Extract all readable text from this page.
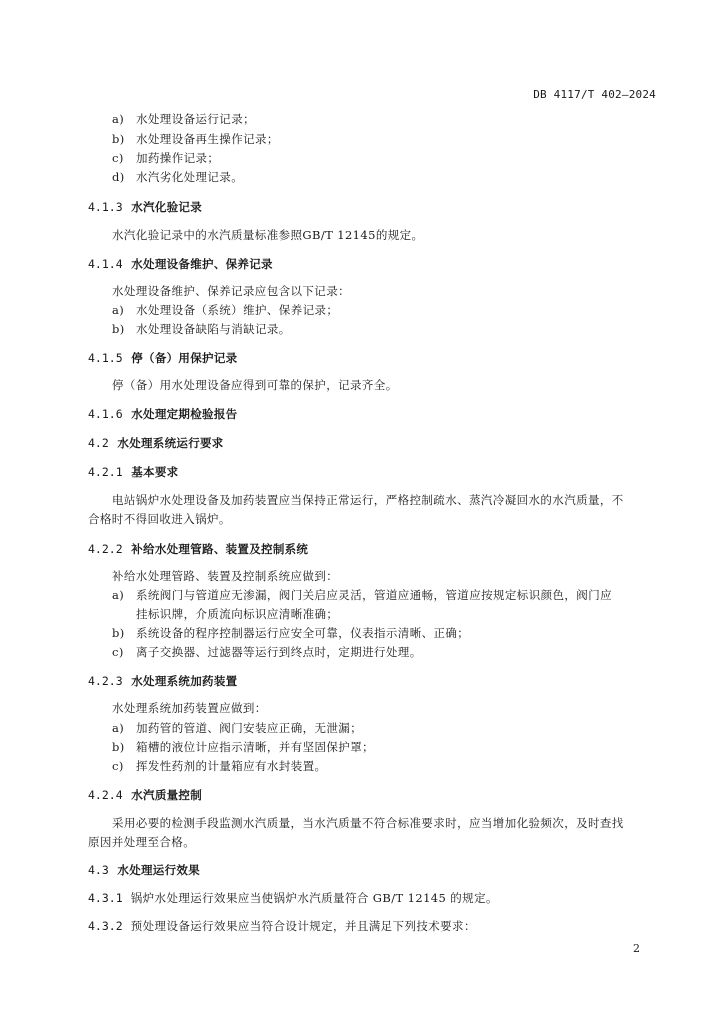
DB 4117/T 402—2024
a) 水处理设备运行记录；
b) 水处理设备再生操作记录；
c) 加药操作记录；
d) 水汽劣化处理记录。
4.1.3 水汽化验记录
水汽化验记录中的水汽质量标准参照GB/T 12145的规定。
4.1.4 水处理设备维护、保养记录
水处理设备维护、保养记录应包含以下记录：
a) 水处理设备（系统）维护、保养记录；
b) 水处理设备缺陷与消缺记录。
4.1.5 停（备）用保护记录
停（备）用水处理设备应得到可靠的保护，记录齐全。
4.1.6 水处理定期检验报告
4.2 水处理系统运行要求
4.2.1 基本要求
电站锅炉水处理设备及加药装置应当保持正常运行，严格控制疏水、蒸汽冷凝回水的水汽质量，不
合格时不得回收进入锅炉。
4.2.2 补给水处理管路、装置及控制系统
补给水处理管路、装置及控制系统应做到：
a) 系统阀门与管道应无渗漏，阀门关启应灵活，管道应通畅，管道应按规定标识颜色，阀门应
挂标识牌，介质流向标识应清晰准确；
b) 系统设备的程序控制器运行应安全可靠，仪表指示清晰、正确；
c) 离子交换器、过滤器等运行到终点时，定期进行处理。
4.2.3 水处理系统加药装置
水处理系统加药装置应做到：
a) 加药管的管道、阀门安装应正确，无泄漏；
b) 箱槽的液位计应指示清晰，并有坚固保护罩；
c) 挥发性药剂的计量箱应有水封装置。
4.2.4 水汽质量控制
采用必要的检测手段监测水汽质量，当水汽质量不符合标准要求时，应当增加化验频次，及时查找
原因并处理至合格。
4.3 水处理运行效果
4.3.1 锅炉水处理运行效果应当使锅炉水汽质量符合 GB/T 12145 的规定。
4.3.2 预处理设备运行效果应当符合设计规定，并且满足下列技术要求：
2
